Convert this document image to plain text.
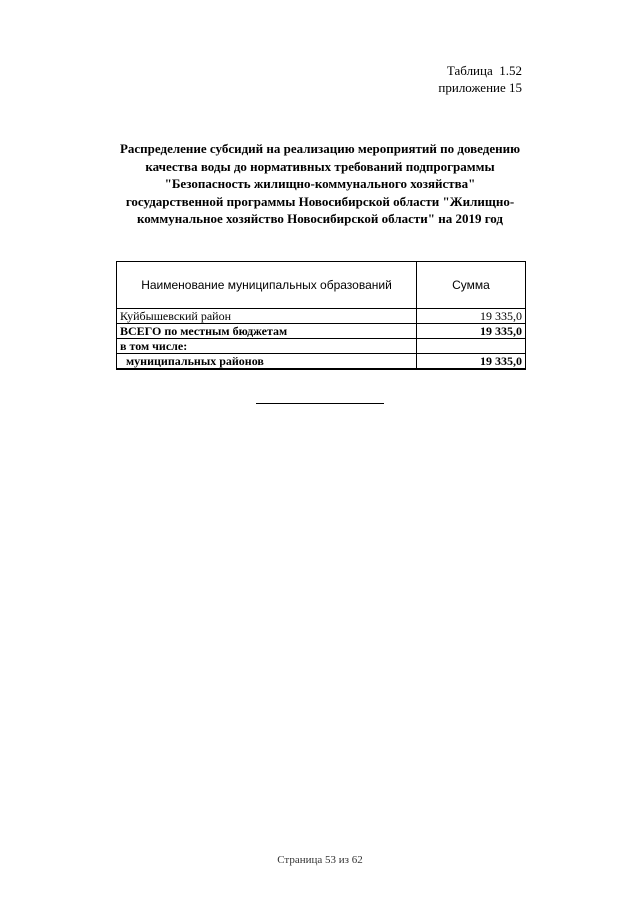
Таблица  1.52
приложение 15
Распределение субсидий на реализацию мероприятий по доведению
качества воды до нормативных требований подпрограммы
"Безопасность жилищно-коммунального хозяйства"
государственной программы Новосибирской области "Жилищно-
коммунальное хозяйство Новосибирской области" на 2019 год
Наименование муниципальных образований	Сумма
Куйбышевский район	19 335,0
ВСЕГО по местным бюджетам	19 335,0
в том числе:	
муниципальных районов	19 335,0
Страница 53 из 62
